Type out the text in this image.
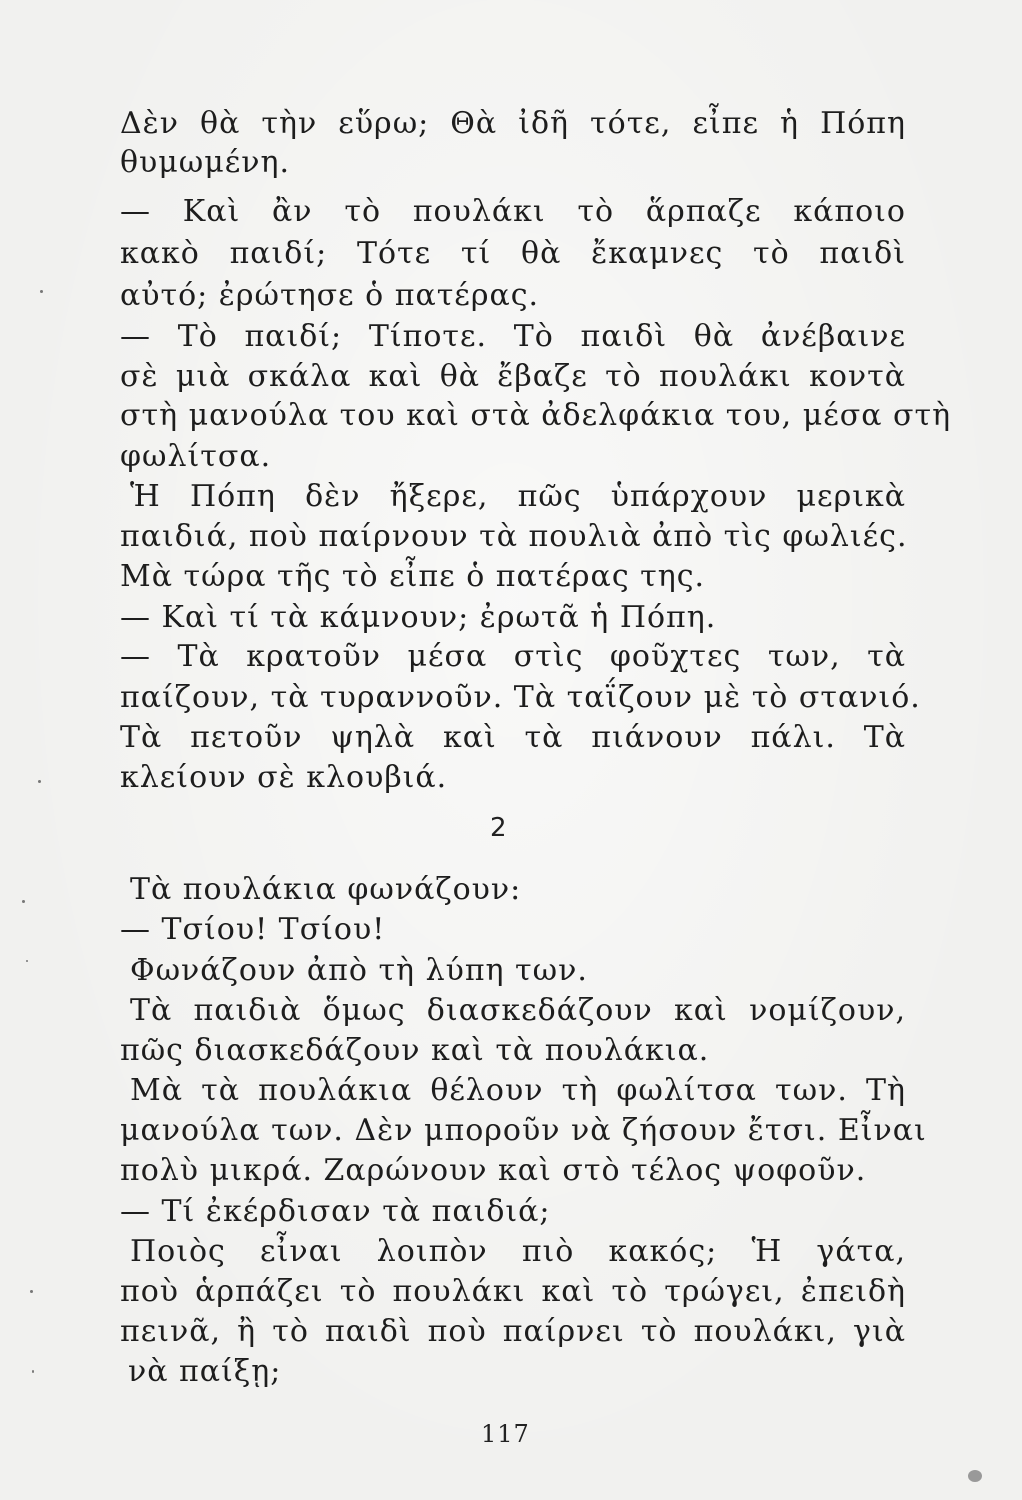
Δὲν θὰ τὴν εὕρω; Θὰ ἰδῆ τότε, εἶπε ἡ Πόπη
θυμωμένη.
— Καὶ ἂν τὸ πουλάκι τὸ ἅρπαζε κάποιο
κακὸ παιδί; Τότε τί θὰ ἔκαμνες τὸ παιδὶ
αὐτό; ἐρώτησε ὁ πατέρας.
— Τὸ παιδί; Τίποτε. Τὸ παιδὶ θὰ ἀνέβαινε
σὲ μιὰ σκάλα καὶ θὰ ἔβαζε τὸ πουλάκι κοντὰ
στὴ μανούλα του καὶ στὰ ἀδελφάκια του, μέσα στὴ
φωλίτσα.
Ἡ Πόπη δὲν ἤξερε, πῶς ὑπάρχουν μερικὰ
παιδιά, ποὺ παίρνουν τὰ πουλιὰ ἀπὸ τὶς φωλιές.
Μὰ τώρα τῆς τὸ εἶπε ὁ πατέρας της.
— Καὶ τί τὰ κάμνουν; ἐρωτᾶ ἡ Πόπη.
— Τὰ κρατοῦν μέσα στὶς φοῦχτες των, τὰ
παίζουν, τὰ τυραννοῦν. Τὰ ταΐζουν μὲ τὸ στανιό.
Τὰ πετοῦν ψηλὰ καὶ τὰ πιάνουν πάλι. Τὰ
κλείουν σὲ κλουβιά.
2
Τὰ πουλάκια φωνάζουν:
— Τσίου! Τσίου!
Φωνάζουν ἀπὸ τὴ λύπη των.
Τὰ παιδιὰ ὅμως διασκεδάζουν καὶ νομίζουν,
πῶς διασκεδάζουν καὶ τὰ πουλάκια.
Μὰ τὰ πουλάκια θέλουν τὴ φωλίτσα των. Τὴ
μανούλα των. Δὲν μποροῦν νὰ ζήσουν ἔτσι. Εἶναι
πολὺ μικρά. Ζαρώνουν καὶ στὸ τέλος ψοφοῦν.
— Τί ἐκέρδισαν τὰ παιδιά;
Ποιὸς εἶναι λοιπὸν πιὸ κακός; Ἡ γάτα,
ποὺ ἁρπάζει τὸ πουλάκι καὶ τὸ τρώγει, ἐπειδὴ
πεινᾶ, ἢ τὸ παιδὶ ποὺ παίρνει τὸ πουλάκι, γιὰ
νὰ παίξῃ;
117
